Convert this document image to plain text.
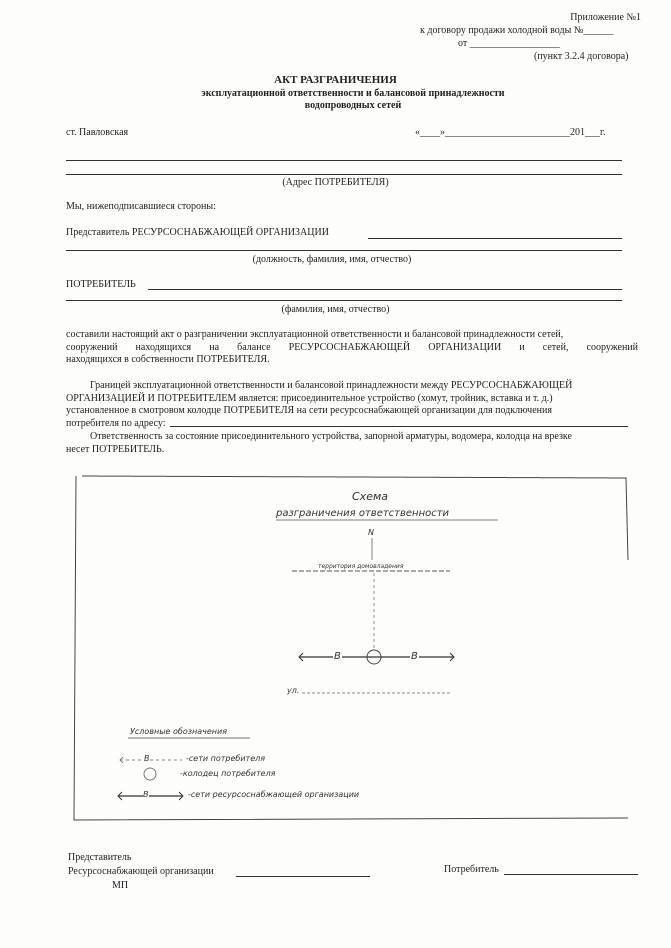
Приложение №1
к договору продажи холодной воды №______
от __________________
(пункт 3.2.4 договора)
АКТ РАЗГРАНИЧЕНИЯ
эксплуатационной ответственности и балансовой принадлежности
водопроводных сетей
ст. Павловская	«____»_________________________201___г.
(Адрес ПОТРЕБИТЕЛЯ)
Мы, нижеподписавшиеся стороны:
Представитель РЕСУРСОСНАБЖАЮЩЕЙ ОРГАНИЗАЦИИ
(должность, фамилия, имя, отчество)
ПОТРЕБИТЕЛЬ
(фамилия, имя, отчество)
составили настоящий акт о разграничении эксплуатационной ответственности и балансовой принадлежности сетей,
сооружений находящихся на балансе РЕСУРСОСНАБЖАЮЩЕЙ ОРГАНИЗАЦИИ и сетей, сооружений
находящихся в собственности ПОТРЕБИТЕЛЯ.
Границей эксплуатационной ответственности и балансовой принадлежности между РЕСУРСОСНАБЖАЮЩЕЙ
ОРГАНИЗАЦИЕЙ И ПОТРЕБИТЕЛЕМ является: присоединительное устройство (хомут, тройник, вставка и т. д.)
установленное в смотровом колодце ПОТРЕБИТЕЛЯ на сети ресурсоснабжающей организации для подключения
потребителя по адресу:
Ответственность за состояние присоединительного устройства, запорной арматуры, водомера, колодца на врезке
несет ПОТРЕБИТЕЛЬ.
Схема
разграничения ответственности
N
территория домовладения
В	В
ул.
Условные обозначения
В	-сети потребителя
-колодец потребителя
В	-сети ресурсоснабжающей организации
Представитель
Ресурсоснабжающей организации
МП
Потребитель
